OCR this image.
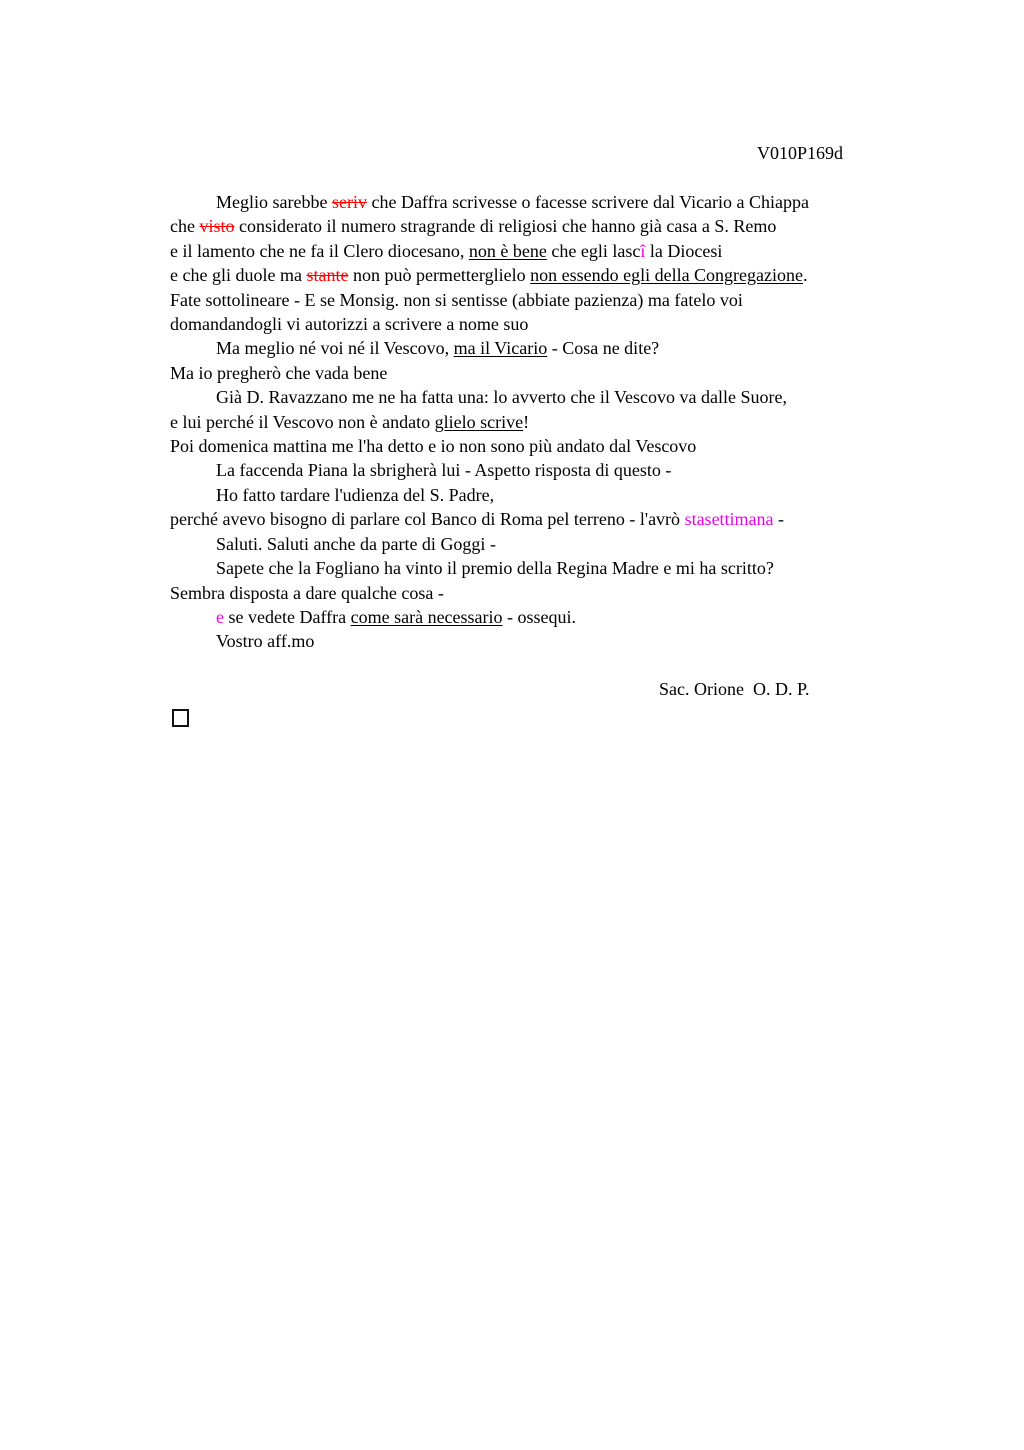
V010P169d
Meglio sarebbe seriv che Daffra scrivesse o facesse scrivere dal Vicario a Chiappa
che visto considerato il numero stragrande di religiosi che hanno già casa a S. Remo
e il lamento che ne fa il Clero diocesano, non è bene che egli lascî la Diocesi
e che gli duole ma stante non può permetterglielo non essendo egli della Congregazione.
Fate sottolineare - E se Monsig. non si sentisse (abbiate pazienza) ma fatelo voi
domandandogli vi autorizzi a scrivere a nome suo
Ma meglio né voi né il Vescovo, ma il Vicario - Cosa ne dite?
Ma io pregherò che vada bene
Già D. Ravazzano me ne ha fatta una: lo avverto che il Vescovo va dalle Suore,
e lui perché il Vescovo non è andato glielo scrive!
Poi domenica mattina me l'ha detto e io non sono più andato dal Vescovo
La faccenda Piana la sbrigherà lui - Aspetto risposta di questo -
Ho fatto tardare l'udienza del S. Padre,
perché avevo bisogno di parlare col Banco di Roma pel terreno - l'avrò stasettimana -
Saluti. Saluti anche da parte di Goggi -
Sapete che la Fogliano ha vinto il premio della Regina Madre e mi ha scritto?
Sembra disposta a dare qualche cosa -
e se vedete Daffra come sarà necessario - ossequi.
Vostro aff.mo
Sac. Orione  O. D. P.
